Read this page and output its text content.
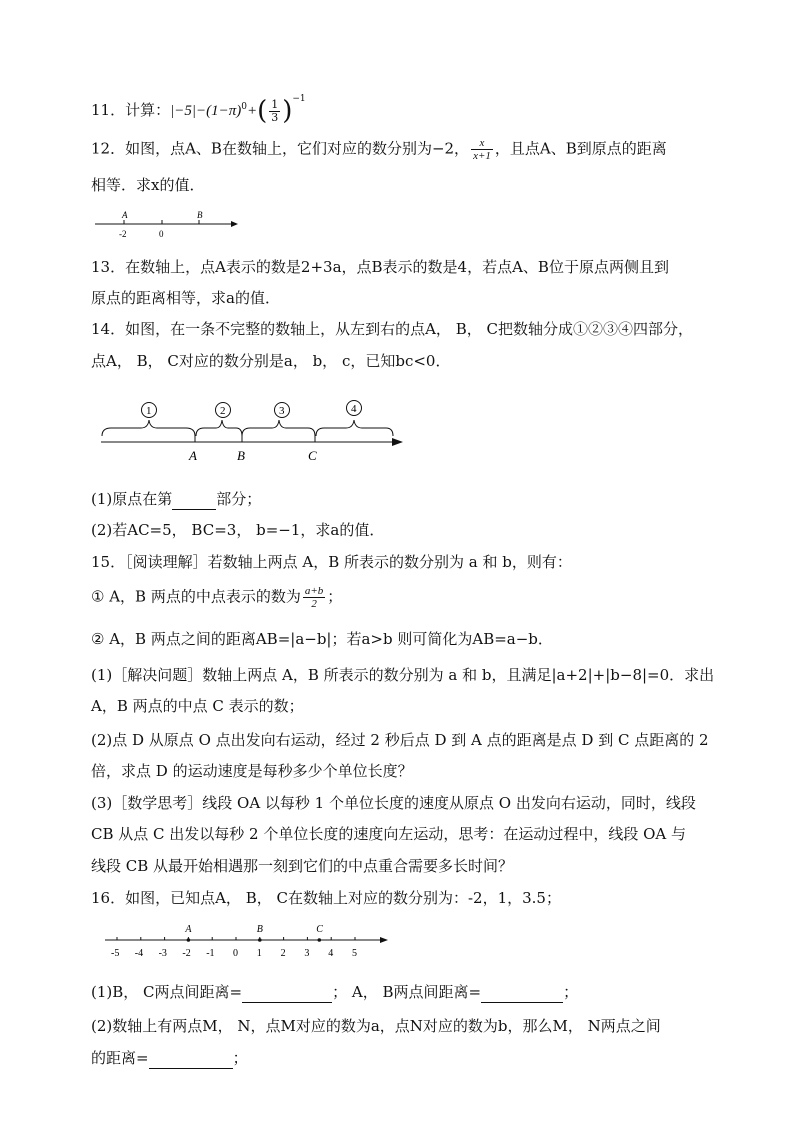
11．计算：$|-5|-(1-\pi)^0+( \frac{1}{3} )^{-1}$
12．如图，点A、B在数轴上，它们对应的数分别为−2， $\frac{x}{x+1}$ ，且点A、B到原点的距离
相等．求x的值．
A	B
-2	0
13．在数轴上，点A表示的数是2+3a，点B表示的数是4，若点A、B位于原点两侧且到
原点的距离相等，求a的值．
14．如图，在一条不完整的数轴上，从左到右的点A， B， C把数轴分成①②③④四部分，
点A， B， C对应的数分别是a， b， c，已知bc<0．
1	2	3	4
A	B	C
(1)原点在第	部分；
(2)若AC=5， BC=3， b=−1，求a的值．
15．［阅读理解］若数轴上两点 A，B 所表示的数分别为 a 和 b，则有：
① A，B 两点的中点表示的数为 $\frac{a+b}{2}$ ；
② A，B 两点之间的距离AB=|a−b|；若a>b 则可简化为AB=a−b．
(1)［解决问题］数轴上两点 A，B 所表示的数分别为 a 和 b，且满足|a+2|+|b−8|=0．求出
A，B 两点的中点 C 表示的数；
(2)点 D 从原点 O 点出发向右运动，经过 2 秒后点 D 到 A 点的距离是点 D 到 C 点距离的 2
倍，求点 D 的运动速度是每秒多少个单位长度？
(3)［数学思考］线段 OA 以每秒 1 个单位长度的速度从原点 O 出发向右运动，同时，线段
CB 从点 C 出发以每秒 2 个单位长度的速度向左运动，思考：在运动过程中，线段 OA 与
线段 CB 从最开始相遇那一刻到它们的中点重合需要多长时间？
16．如图，已知点A， B， C在数轴上对应的数分别为：-2，1，3.5；
-5 -4 -3 -2 -1 0 1 2 3 4 5
A	B	C
(1)B， C两点间距离=	； A， B两点间距离=	；
(2)数轴上有两点M， N，点M对应的数为a，点N对应的数为b，那么M， N两点之间
的距离=	；
